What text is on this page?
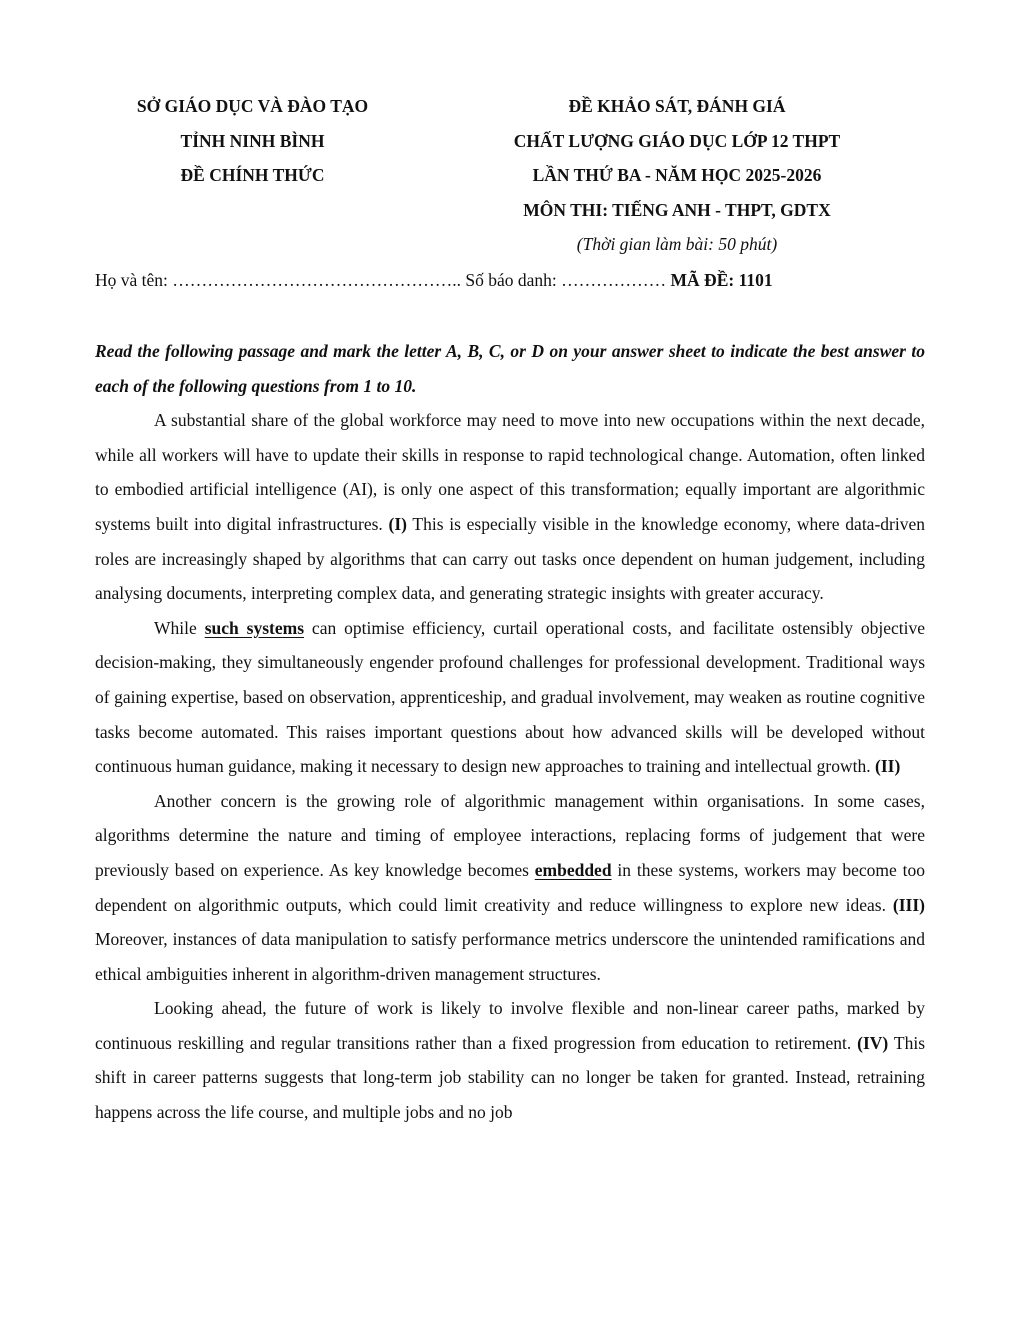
SỞ GIÁO DỤC VÀ ĐÀO TẠO
TỈNH NINH BÌNH
ĐỀ CHÍNH THỨC
ĐỀ KHẢO SÁT, ĐÁNH GIÁ
CHẤT LƯỢNG GIÁO DỤC LỚP 12 THPT
LẦN THỨ BA - NĂM HỌC 2025-2026
MÔN THI: TIẾNG ANH - THPT, GDTX
(Thời gian làm bài: 50 phút)
Họ và tên: ………………………………………….. Số báo danh: ……………… MÃ ĐỀ: 1101

Read the following passage and mark the letter A, B, C, or D on your answer sheet to indicate the best answer to each of the following questions from 1 to 10.

A substantial share of the global workforce may need to move into new occupations within the next decade, while all workers will have to update their skills in response to rapid technological change. Automation, often linked to embodied artificial intelligence (AI), is only one aspect of this transformation; equally important are algorithmic systems built into digital infrastructures. (I) This is especially visible in the knowledge economy, where data-driven roles are increasingly shaped by algorithms that can carry out tasks once dependent on human judgement, including analysing documents, interpreting complex data, and generating strategic insights with greater accuracy.

While such systems can optimise efficiency, curtail operational costs, and facilitate ostensibly objective decision-making, they simultaneously engender profound challenges for professional development. Traditional ways of gaining expertise, based on observation, apprenticeship, and gradual involvement, may weaken as routine cognitive tasks become automated. This raises important questions about how advanced skills will be developed without continuous human guidance, making it necessary to design new approaches to training and intellectual growth. (II)

Another concern is the growing role of algorithmic management within organisations. In some cases, algorithms determine the nature and timing of employee interactions, replacing forms of judgement that were previously based on experience. As key knowledge becomes embedded in these systems, workers may become too dependent on algorithmic outputs, which could limit creativity and reduce willingness to explore new ideas. (III) Moreover, instances of data manipulation to satisfy performance metrics underscore the unintended ramifications and ethical ambiguities inherent in algorithm-driven management structures.

Looking ahead, the future of work is likely to involve flexible and non-linear career paths, marked by continuous reskilling and regular transitions rather than a fixed progression from education to retirement. (IV) This shift in career patterns suggests that long-term job stability can no longer be taken for granted. Instead, retraining happens across the life course, and multiple jobs and no job
